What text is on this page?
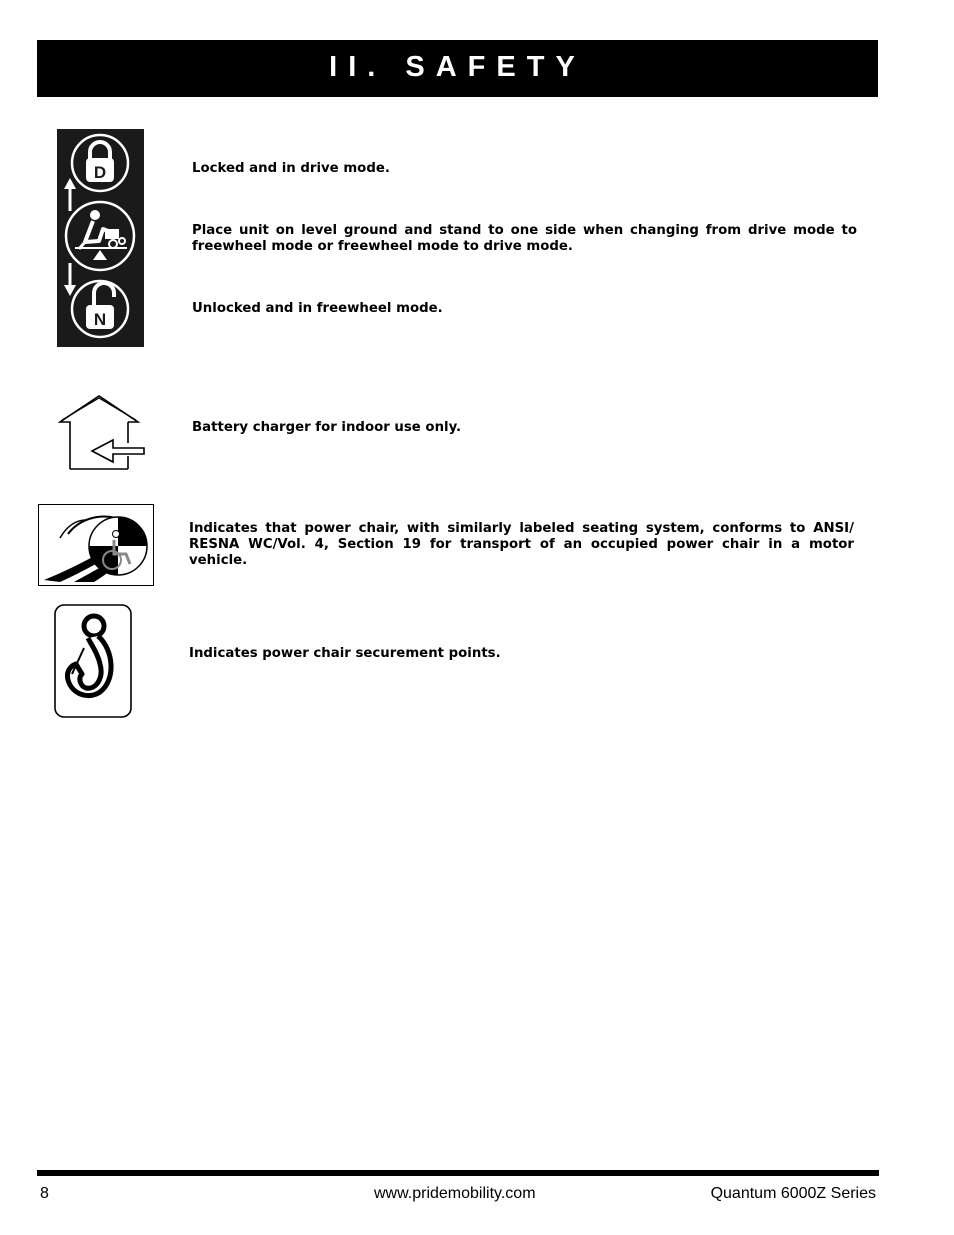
II. SAFETY
D
N
Locked and in drive mode.
Place unit on level ground and stand to one side when changing from drive mode to freewheel mode or freewheel mode to drive mode.
Unlocked and in freewheel mode.
Battery charger for indoor use only.
Indicates that power chair, with similarly labeled seating system, conforms to ANSI/ RESNA WC/Vol. 4, Section 19 for transport of an occupied power chair in a motor vehicle.
Indicates power chair securement points.
8	www.pridemobility.com	Quantum 6000Z Series
